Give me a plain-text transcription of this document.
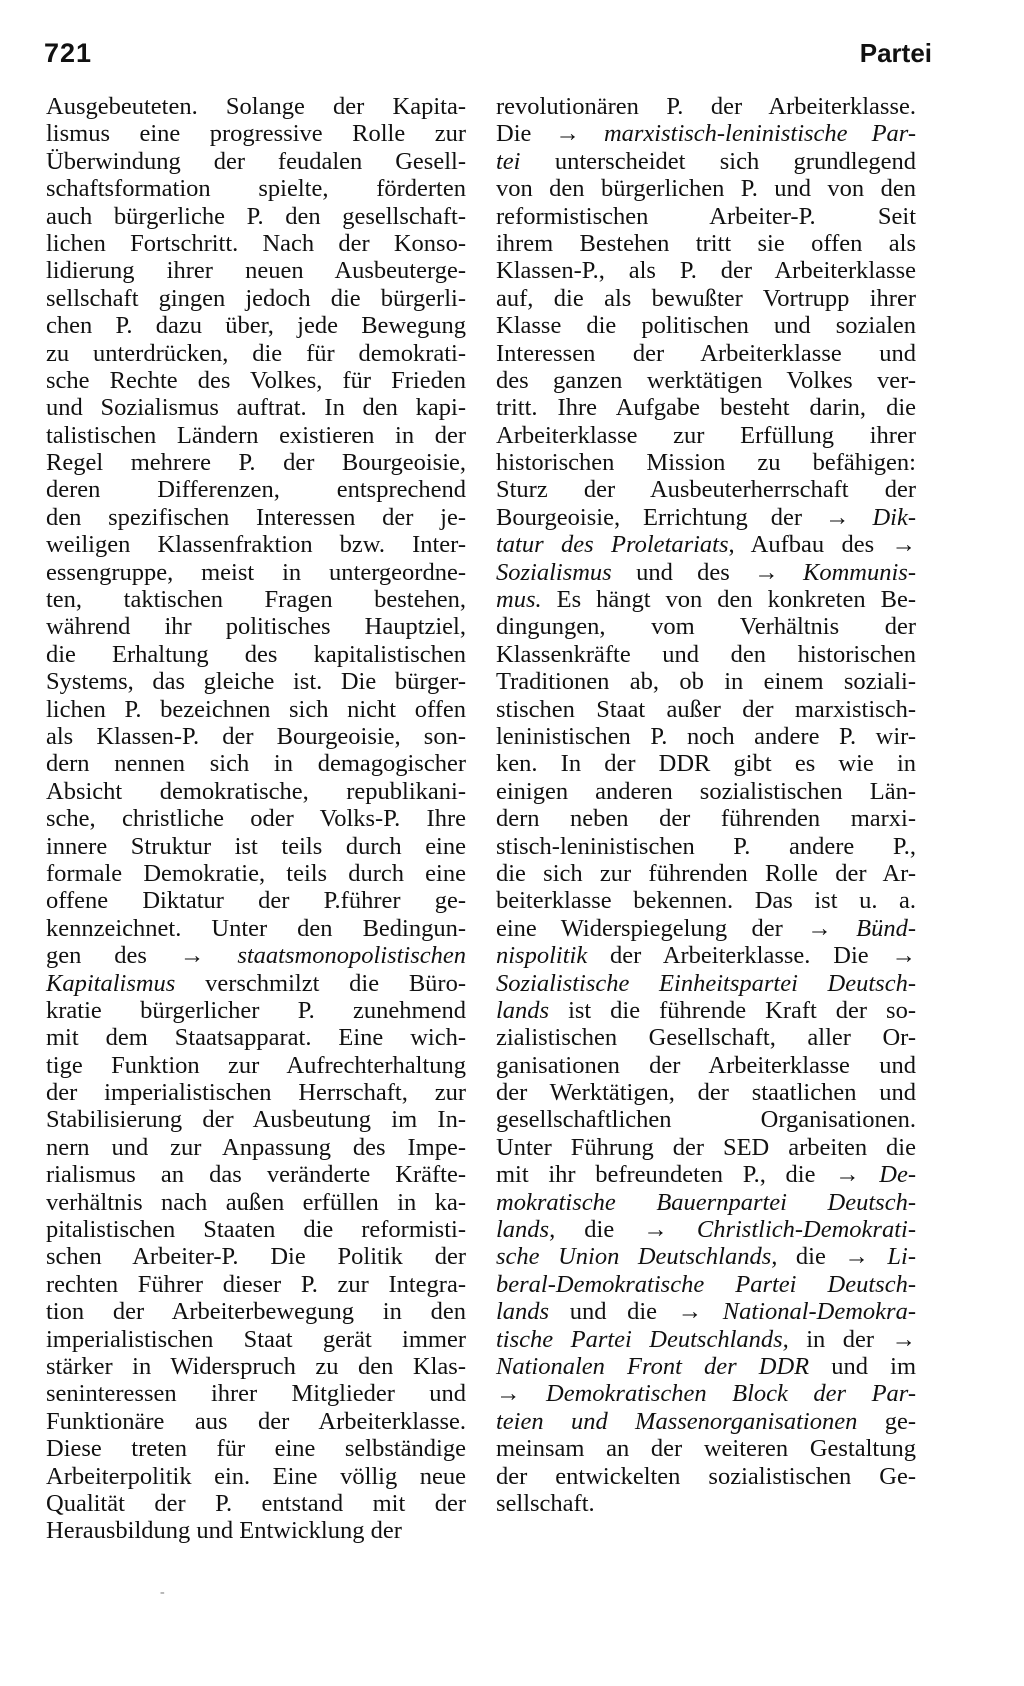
721	Partei
Ausgebeuteten. Solange der Kapita-
lismus eine progressive Rolle zur
Überwindung der feudalen Gesell-
schaftsformation spielte, förderten
auch bürgerliche P. den gesellschaft-
lichen Fortschritt. Nach der Konso-
lidierung ihrer neuen Ausbeuterge-
sellschaft gingen jedoch die bürgerli-
chen P. dazu über, jede Bewegung
zu unterdrücken, die für demokrati-
sche Rechte des Volkes, für Frieden
und Sozialismus auftrat. In den kapi-
talistischen Ländern existieren in der
Regel mehrere P. der Bourgeoisie,
deren Differenzen, entsprechend
den spezifischen Interessen der je-
weiligen Klassenfraktion bzw. Inter-
essengruppe, meist in untergeordne-
ten, taktischen Fragen bestehen,
während ihr politisches Hauptziel,
die Erhaltung des kapitalistischen
Systems, das gleiche ist. Die bürger-
lichen P. bezeichnen sich nicht offen
als Klassen-P. der Bourgeoisie, son-
dern nennen sich in demagogischer
Absicht demokratische, republikani-
sche, christliche oder Volks-P. Ihre
innere Struktur ist teils durch eine
formale Demokratie, teils durch eine
offene Diktatur der P.führer ge-
kennzeichnet. Unter den Bedingun-
gen des → staatsmonopolistischen
Kapitalismus verschmilzt die Büro-
kratie bürgerlicher P. zunehmend
mit dem Staatsapparat. Eine wich-
tige Funktion zur Aufrechterhaltung
der imperialistischen Herrschaft, zur
Stabilisierung der Ausbeutung im In-
nern und zur Anpassung des Impe-
rialismus an das veränderte Kräfte-
verhältnis nach außen erfüllen in ka-
pitalistischen Staaten die reformisti-
schen Arbeiter-P. Die Politik der
rechten Führer dieser P. zur Integra-
tion der Arbeiterbewegung in den
imperialistischen Staat gerät immer
stärker in Widerspruch zu den Klas-
seninteressen ihrer Mitglieder und
Funktionäre aus der Arbeiterklasse.
Diese treten für eine selbständige
Arbeiterpolitik ein. Eine völlig neue
Qualität der P. entstand mit der
Herausbildung und Entwicklung der
revolutionären P. der Arbeiterklasse.
Die → marxistisch-leninistische Par-
tei unterscheidet sich grundlegend
von den bürgerlichen P. und von den
reformistischen Arbeiter-P. Seit
ihrem Bestehen tritt sie offen als
Klassen-P., als P. der Arbeiterklasse
auf, die als bewußter Vortrupp ihrer
Klasse die politischen und sozialen
Interessen der Arbeiterklasse und
des ganzen werktätigen Volkes ver-
tritt. Ihre Aufgabe besteht darin, die
Arbeiterklasse zur Erfüllung ihrer
historischen Mission zu befähigen:
Sturz der Ausbeuterherrschaft der
Bourgeoisie, Errichtung der → Dik-
tatur des Proletariats, Aufbau des →
Sozialismus und des → Kommunis-
mus. Es hängt von den konkreten Be-
dingungen, vom Verhältnis der
Klassenkräfte und den historischen
Traditionen ab, ob in einem soziali-
stischen Staat außer der marxistisch-
leninistischen P. noch andere P. wir-
ken. In der DDR gibt es wie in
einigen anderen sozialistischen Län-
dern neben der führenden marxi-
stisch-leninistischen P. andere P.,
die sich zur führenden Rolle der Ar-
beiterklasse bekennen. Das ist u. a.
eine Widerspiegelung der → Bünd-
nispolitik der Arbeiterklasse. Die →
Sozialistische Einheitspartei Deutsch-
lands ist die führende Kraft der so-
zialistischen Gesellschaft, aller Or-
ganisationen der Arbeiterklasse und
der Werktätigen, der staatlichen und
gesellschaftlichen Organisationen.
Unter Führung der SED arbeiten die
mit ihr befreundeten P., die → De-
mokratische Bauernpartei Deutsch-
lands, die → Christlich-Demokrati-
sche Union Deutschlands, die → Li-
beral-Demokratische Partei Deutsch-
lands und die → National-Demokra-
tische Partei Deutschlands, in der →
Nationalen Front der DDR und im
→ Demokratischen Block der Par-
teien und Massenorganisationen ge-
meinsam an der weiteren Gestaltung
der entwickelten sozialistischen Ge-
sellschaft.
-
